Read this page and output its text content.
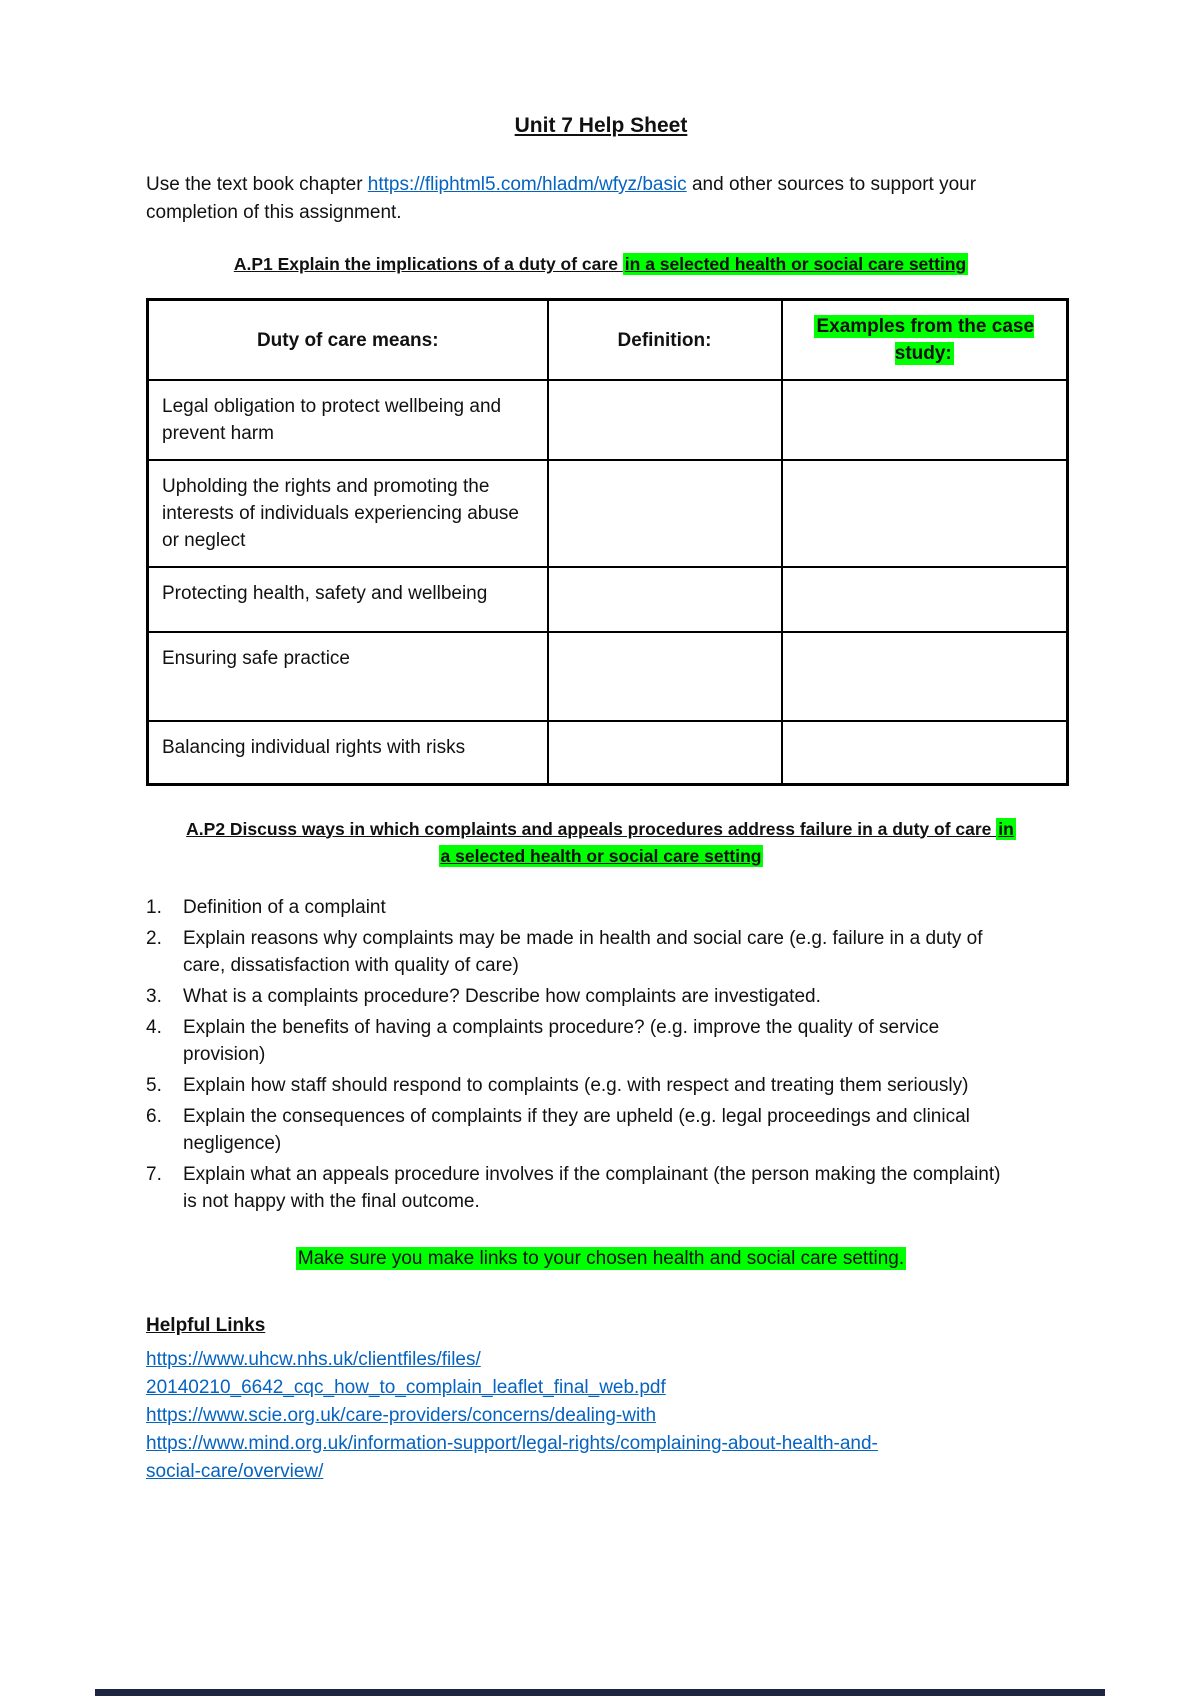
Unit 7 Help Sheet

Use the text book chapter https://fliphtml5.com/hladm/wfyz/basic and other sources to support your completion of this assignment.

A.P1 Explain the implications of a duty of care in a selected health or social care setting
Duty of care means:	Definition:	Examples from the case study:
Legal obligation to protect wellbeing and prevent harm		
Upholding the rights and promoting the interests of individuals experiencing abuse or neglect		
Protecting health, safety and wellbeing		
Ensuring safe practice		
Balancing individual rights with risks		
A.P2 Discuss ways in which complaints and appeals procedures address failure in a duty of care in
a selected health or social care setting
1.	Definition of a complaint
2.	Explain reasons why complaints may be made in health and social care (e.g. failure in a duty of care, dissatisfaction with quality of care)
3.	What is a complaints procedure? Describe how complaints are investigated.
4.	Explain the benefits of having a complaints procedure? (e.g. improve the quality of service provision)
5.	Explain how staff should respond to complaints (e.g. with respect and treating them seriously)
6.	Explain the consequences of complaints if they are upheld (e.g. legal proceedings and clinical negligence)
7.	Explain what an appeals procedure involves if the complainant (the person making the complaint) is not happy with the final outcome.

Make sure you make links to your chosen health and social care setting.

Helpful Links
https://www.uhcw.nhs.uk/clientfiles/files/
20140210_6642_cqc_how_to_complain_leaflet_final_web.pdf
https://www.scie.org.uk/care-providers/concerns/dealing-with
https://www.mind.org.uk/information-support/legal-rights/complaining-about-health-and-
social-care/overview/
